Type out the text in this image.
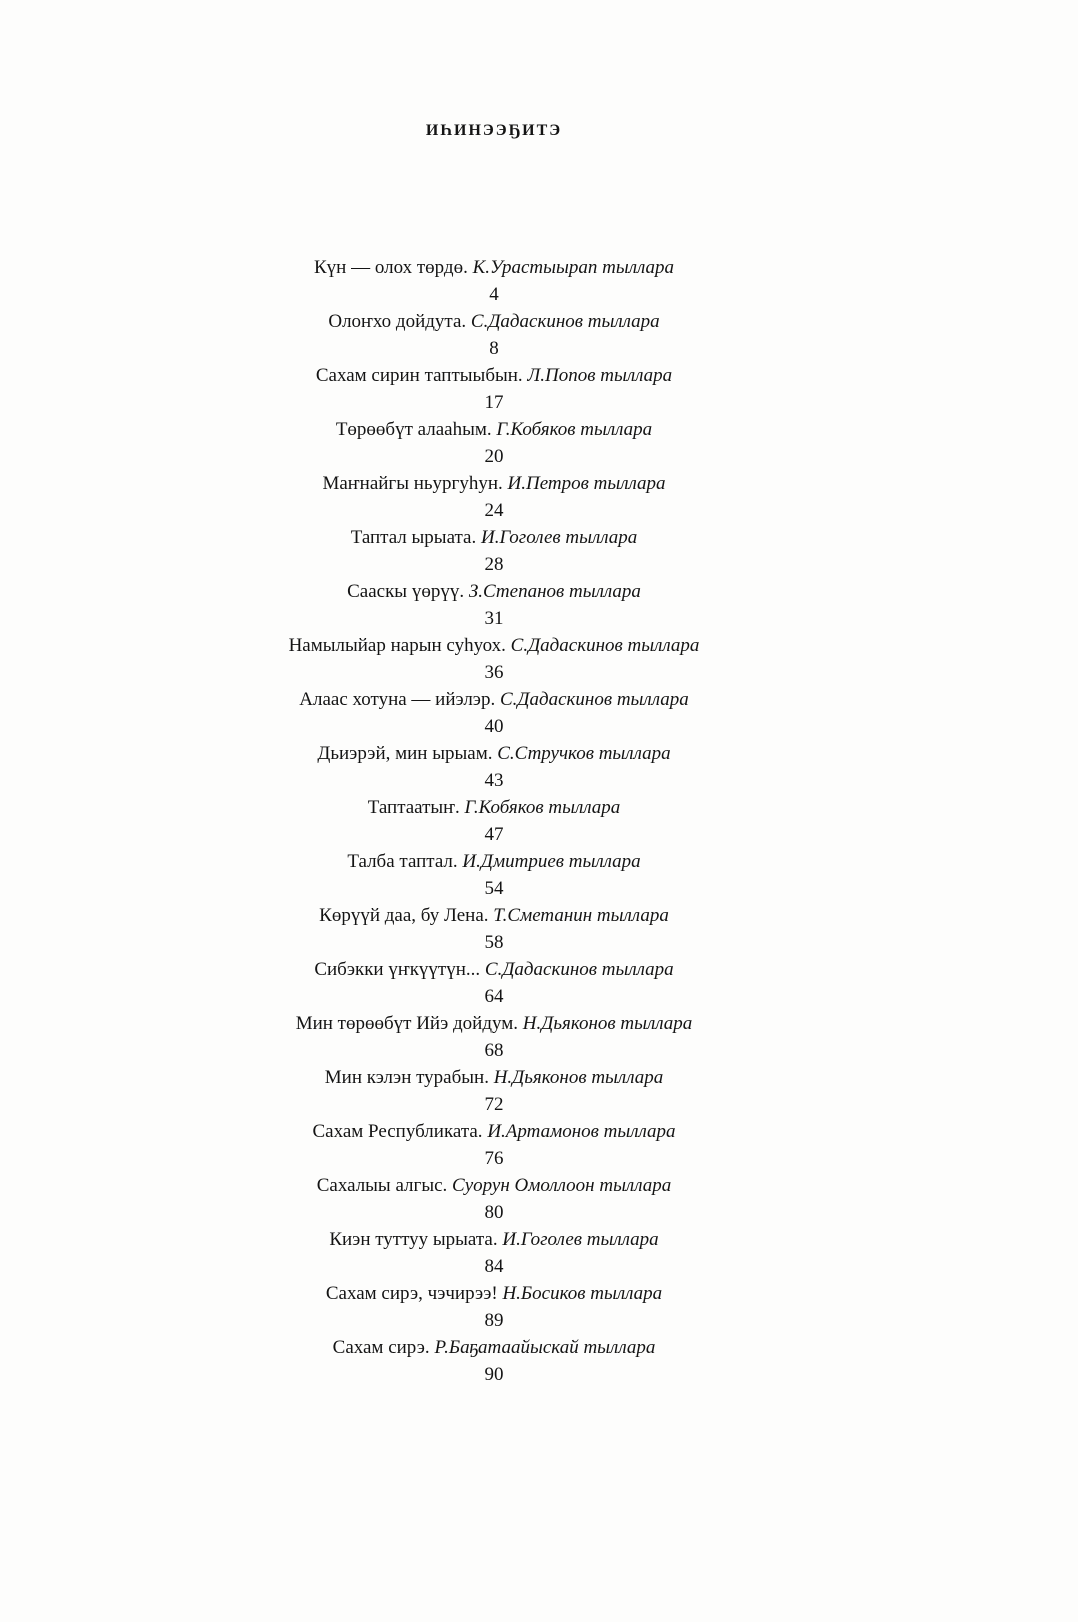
ИҺИНЭЭҔИТЭ
Күн — олох төрдө. К.Урастыырап тыллара
4
Олоҥхо дойдута. С.Дадаскинов тыллара
8
Сахам сирин таптыыбын. Л.Попов тыллара
17
Төрөөбүт алааһым. Г.Кобяков тыллара
20
Маҥнайгы ньургуһун. И.Петров тыллара
24
Таптал ырыата. И.Гоголев тыллара
28
Сааскы үөрүү. З.Степанов тыллара
31
Намылыйар нарын суһуох. С.Дадаскинов тыллара
36
Алаас хотуна — ийэлэр. С.Дадаскинов тыллара
40
Дьиэрэй, мин ырыам. С.Стручков тыллара
43
Таптаатыҥ. Г.Кобяков тыллара
47
Талба таптал. И.Дмитриев тыллара
54
Көрүүй даа, бу Лена. Т.Сметанин тыллара
58
Сибэкки үҥкүүтүн... С.Дадаскинов тыллара
64
Мин төрөөбүт Ийэ дойдум. Н.Дьяконов тыллара
68
Мин кэлэн турабын. Н.Дьяконов тыллара
72
Сахам Республиката. И.Артамонов тыллара
76
Сахалыы алгыс. Суорун Омоллоон тыллара
80
Киэн туттуу ырыата. И.Гоголев тыллара
84
Сахам сирэ, чэчирээ! Н.Босиков тыллара
89
Сахам сирэ. Р.Баҕатаайыскай тыллара
90
